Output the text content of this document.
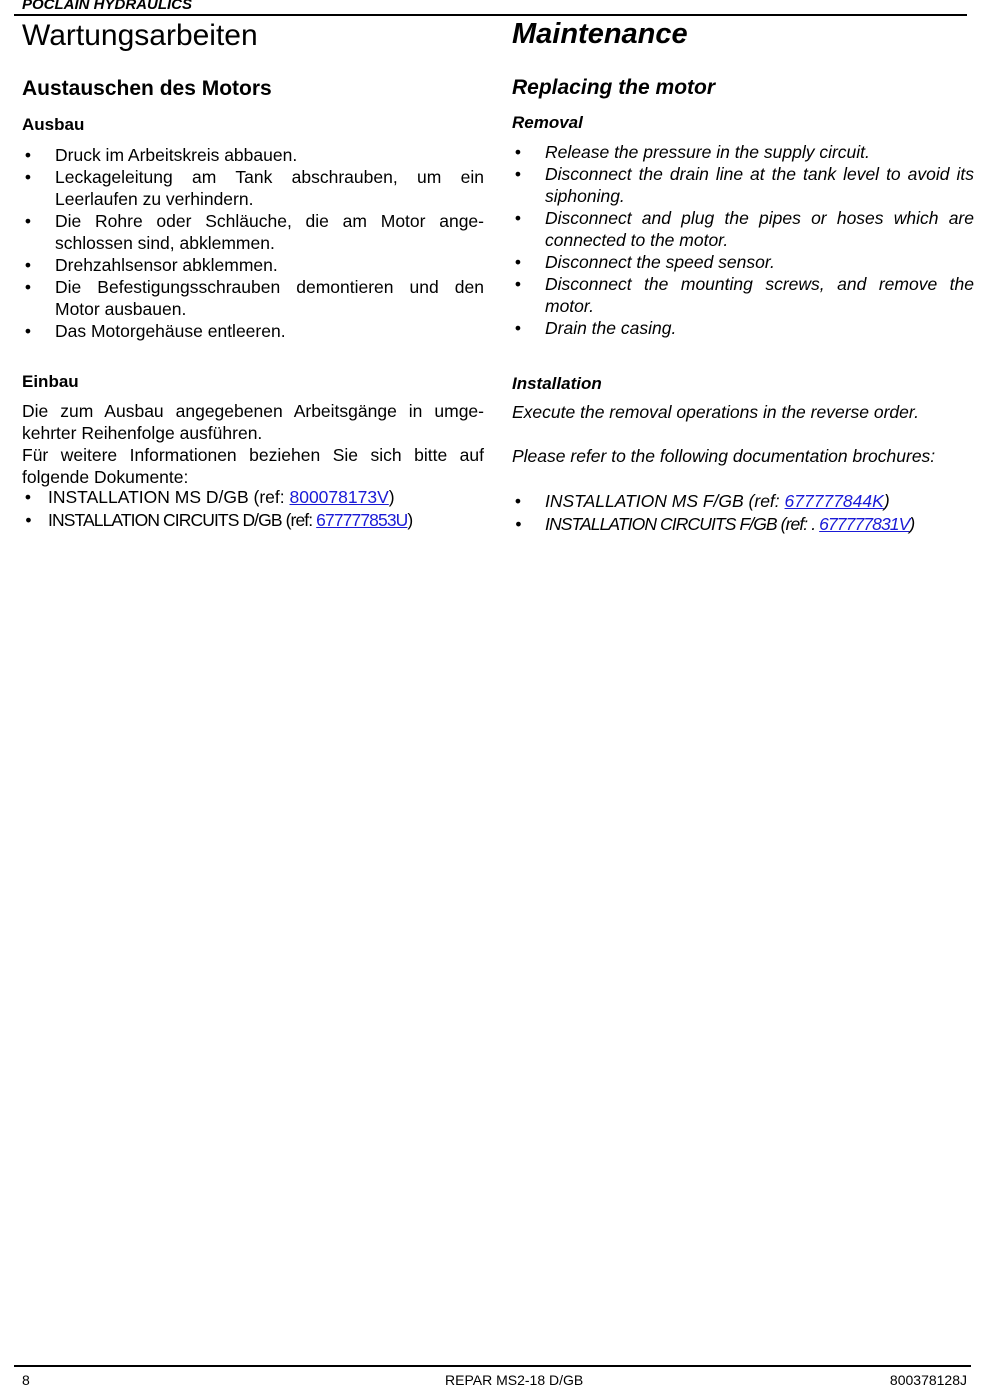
POCLAIN HYDRAULICS
Wartungsarbeiten
Austauschen des Motors
Ausbau
• Druck im Arbeitskreis abbauen.
• Leckageleitung am Tank abschrauben, um ein Leerlaufen zu verhindern.
• Die Rohre oder Schläuche, die am Motor ange-schlossen sind, abklemmen.
• Drehzahlsensor abklemmen.
• Die Befestigungsschrauben demontieren und den Motor ausbauen.
• Das Motorgehäuse entleeren.
Einbau

Die zum Ausbau angegebenen Arbeitsgänge in umge-kehrter Reihenfolge ausführen.

Für weitere Informationen beziehen Sie sich bitte auf folgende Dokumente:

• INSTALLATION MS D/GB (ref: 800078173V)
• INSTALLATION CIRCUITS D/GB (ref: 677777853U)
Maintenance
Replacing the motor
Removal
• Release the pressure in the supply circuit.
• Disconnect the drain line at the tank level to avoid its siphoning.
• Disconnect and plug the pipes or hoses which are connected to the motor.
• Disconnect the speed sensor.
• Disconnect the mounting screws, and remove the motor.
• Drain the casing.
Installation

Execute the removal operations in the reverse order.

Please refer to the following documentation brochures:

• INSTALLATION MS F/GB (ref: 677777844K)
• INSTALLATION CIRCUITS F/GB (ref: . 677777831V)
8	REPAR MS2-18 D/GB	800378128J
